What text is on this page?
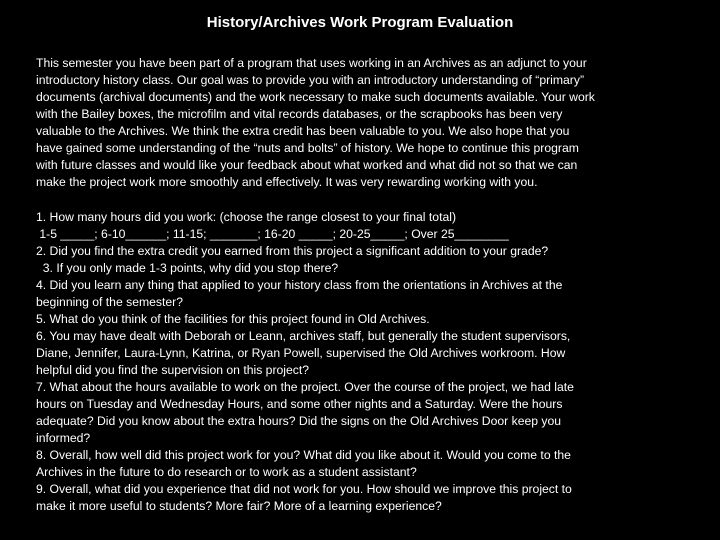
History/Archives Work Program Evaluation
This semester you have been part of a program that uses working in an Archives as an adjunct to your
introductory history class. Our goal was to provide you with an introductory understanding of “primary”
documents (archival documents) and the work necessary to make such documents available. Your work
with the Bailey boxes, the microfilm and vital records databases, or the scrapbooks has been very
valuable to the Archives. We think the extra credit has been valuable to you. We also hope that you
have gained some understanding of the “nuts and bolts” of history. We hope to continue this program
with future classes and would like your feedback about what worked and what did not so that we can
make the project work more smoothly and effectively. It was very rewarding working with you.
1. How many hours did you work: (choose the range closest to your final total)
1-5 _____; 6-10______; 11-15; _______; 16-20 _____; 20-25_____; Over 25________
2. Did you find the extra credit you earned from this project a significant addition to your grade?
3. If you only made 1-3 points, why did you stop there?
4. Did you learn any thing that applied to your history class from the orientations in Archives at the
beginning of the semester?
5. What do you think of the facilities for this project found in Old Archives.
6. You may have dealt with Deborah or Leann, archives staff, but generally the student supervisors,
Diane, Jennifer, Laura-Lynn, Katrina, or Ryan Powell, supervised the Old Archives workroom. How
helpful did you find the supervision on this project?
7. What about the hours available to work on the project. Over the course of the project, we had late
hours on Tuesday and Wednesday Hours, and some other nights and a Saturday. Were the hours
adequate? Did you know about the extra hours? Did the signs on the Old Archives Door keep you
informed?
8. Overall, how well did this project work for you? What did you like about it. Would you come to the
Archives in the future to do research or to work as a student assistant?
9. Overall, what did you experience that did not work for you. How should we improve this project to
make it more useful to students? More fair? More of a learning experience?
